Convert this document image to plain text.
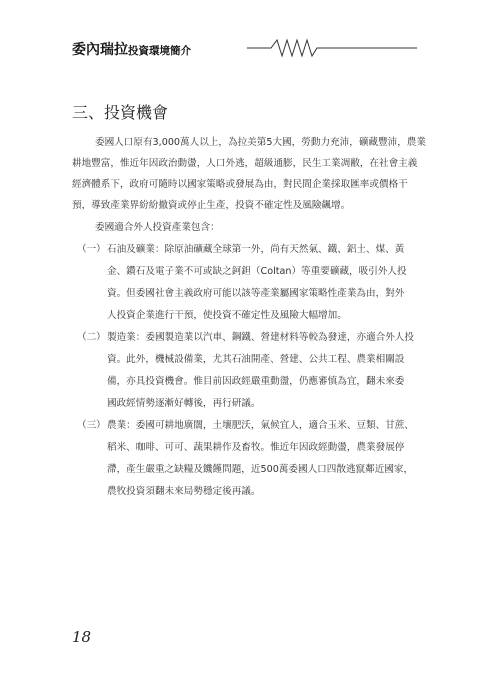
委內瑞拉投資環境簡介
三、投資機會
委國人口原有3,000萬人以上，為拉美第5大國，勞動力充沛，礦藏豐沛，農業
耕地豐富，惟近年因政治動盪，人口外逃，超級通膨，民生工業凋敝，在社會主義
經濟體系下，政府可隨時以國家策略或發展為由，對民間企業採取匯率或價格干
預，導致產業界紛紛撤資或停止生產，投資不確定性及風險飆增。
委國適合外人投資產業包含：
（一） 石油及礦業：除原油礦藏全球第一外，尚有天然氣、鐵、鋁土、煤、黃
金、鑽石及電子業不可或缺之鈳鉭（Coltan）等重要礦藏，吸引外人投
資。但委國社會主義政府可能以該等產業屬國家策略性產業為由，對外
人投資企業進行干預，使投資不確定性及風險大幅增加。
（二） 製造業：委國製造業以汽車、鋼鐵、營建材料等較為發達，亦適合外人投
資。此外，機械設備業，尤其石油開產、營建、公共工程、農業相關設
備，亦具投資機會。惟目前因政經嚴重動盪，仍應審慎為宜，翻未來委
國政經情勢逐漸好轉後，再行研議。
（三） 農業：委國可耕地廣闊，土壤肥沃，氣候宜人，適合玉米、豆類、甘蔗、
稻米、咖啡、可可、蔬果耕作及畜牧。惟近年因政經動盪，農業發展停
滯，產生嚴重之缺糧及饑饉問題，近500萬委國人口四散逃竄鄰近國家，
農牧投資須翻未來局勢穩定後再議。
18
